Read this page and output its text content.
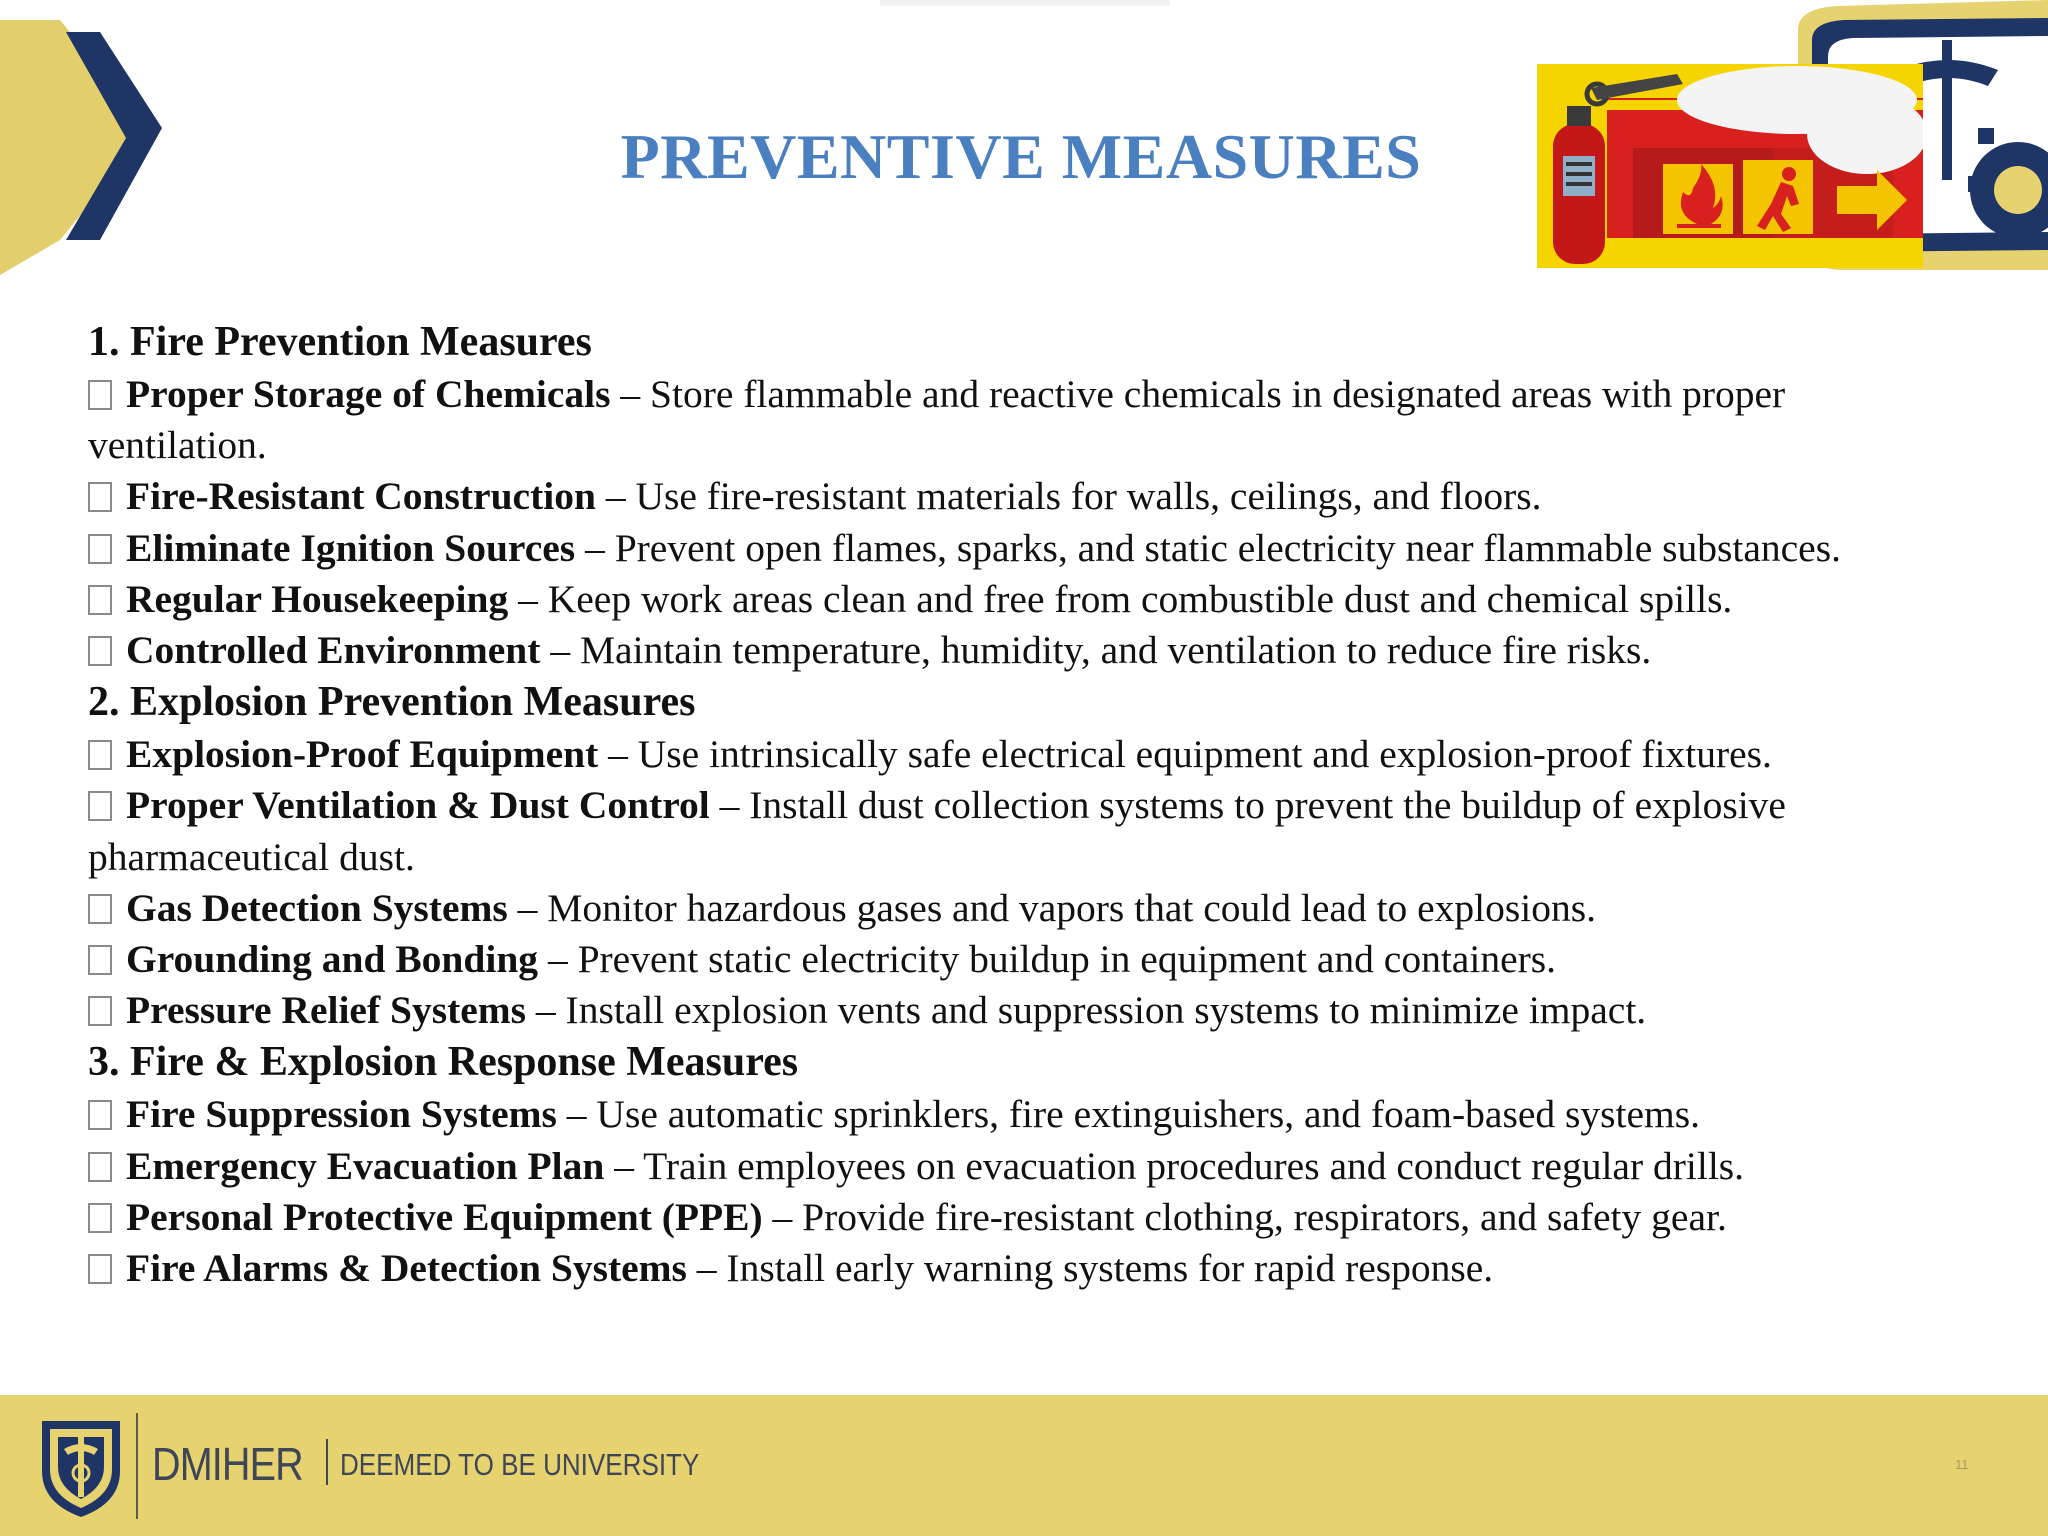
PREVENTIVE MEASURES
1. Fire Prevention Measures
Proper Storage of Chemicals – Store flammable and reactive chemicals in designated areas with proper ventilation.
Fire-Resistant Construction – Use fire-resistant materials for walls, ceilings, and floors.
Eliminate Ignition Sources – Prevent open flames, sparks, and static electricity near flammable substances.
Regular Housekeeping – Keep work areas clean and free from combustible dust and chemical spills.
Controlled Environment – Maintain temperature, humidity, and ventilation to reduce fire risks.
2. Explosion Prevention Measures
Explosion-Proof Equipment – Use intrinsically safe electrical equipment and explosion-proof fixtures.
Proper Ventilation & Dust Control – Install dust collection systems to prevent the buildup of explosive pharmaceutical dust.
Gas Detection Systems – Monitor hazardous gases and vapors that could lead to explosions.
Grounding and Bonding – Prevent static electricity buildup in equipment and containers.
Pressure Relief Systems – Install explosion vents and suppression systems to minimize impact.
3. Fire & Explosion Response Measures
Fire Suppression Systems – Use automatic sprinklers, fire extinguishers, and foam-based systems.
Emergency Evacuation Plan – Train employees on evacuation procedures and conduct regular drills.
Personal Protective Equipment (PPE) – Provide fire-resistant clothing, respirators, and safety gear.
Fire Alarms & Detection Systems – Install early warning systems for rapid response.
DMIHER DEEMED TO BE UNIVERSITY	11
